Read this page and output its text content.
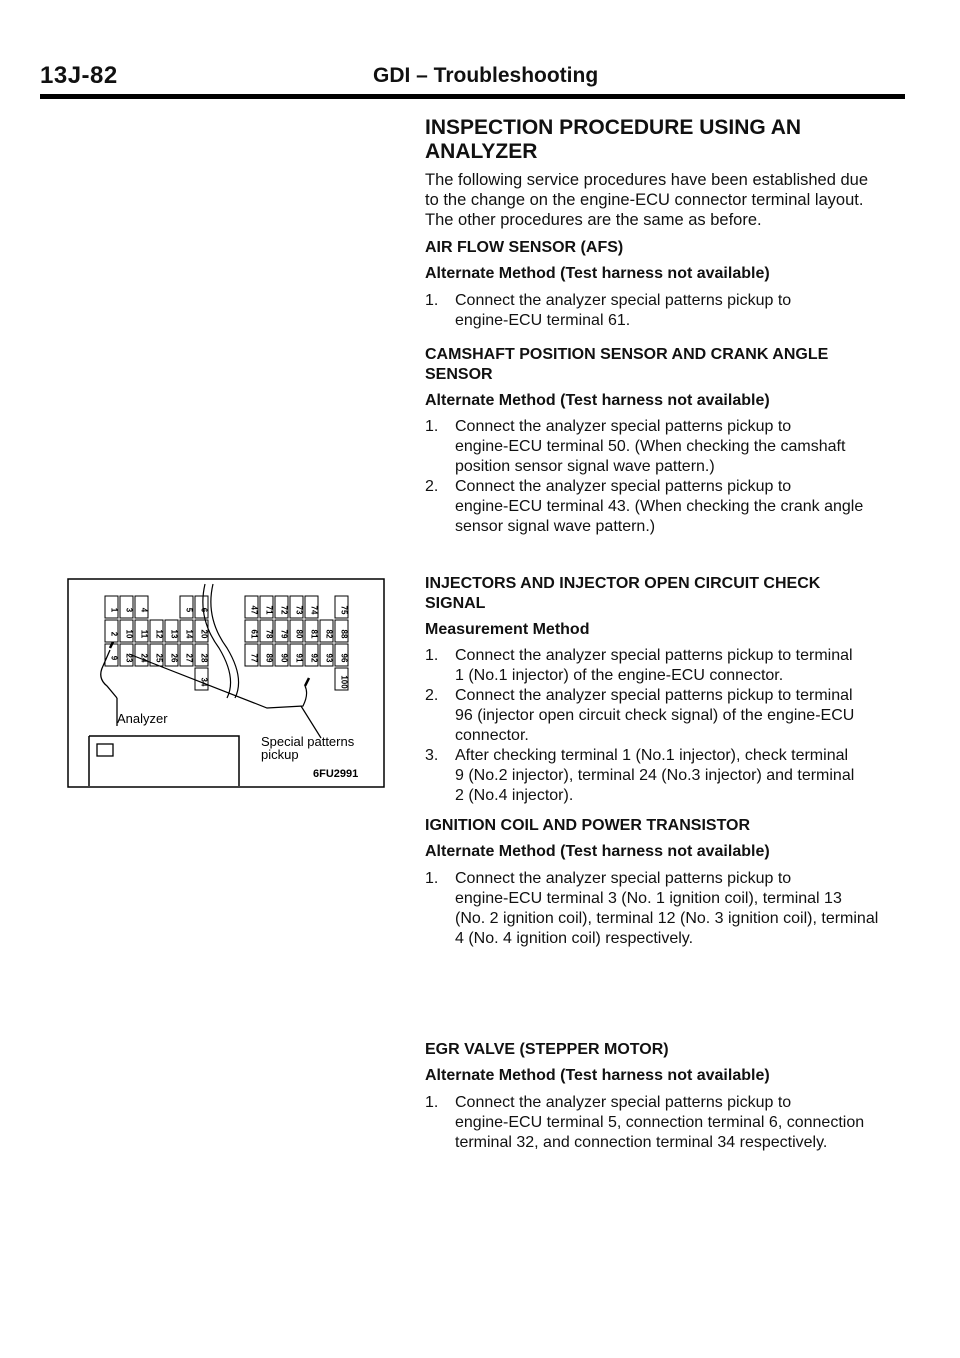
13J-82	GDI – Troubleshooting
INSPECTION PROCEDURE USING AN ANALYZER
The following service procedures have been established due
to the change on the engine-ECU connector terminal layout.
The other procedures are the same as before.
AIR FLOW SENSOR (AFS)
Alternate Method (Test harness not available)
1. Connect the analyzer special patterns pickup to
engine-ECU terminal 61.
CAMSHAFT POSITION SENSOR AND CRANK ANGLE
SENSOR
Alternate Method (Test harness not available)
1. Connect the analyzer special patterns pickup to
engine-ECU terminal 50. (When checking the camshaft
position sensor signal wave pattern.)
2. Connect the analyzer special patterns pickup to
engine-ECU terminal 43. (When checking the crank angle
sensor signal wave pattern.)
INJECTORS AND INJECTOR OPEN CIRCUIT CHECK
SIGNAL
Measurement Method
1. Connect the analyzer special patterns pickup to terminal
1 (No.1 injector) of the engine-ECU connector.
2. Connect the analyzer special patterns pickup to terminal
96 (injector open circuit check signal) of the engine-ECU
connector.
3. After checking terminal 1 (No.1 injector), check terminal
9 (No.2 injector), terminal 24 (No.3 injector) and terminal
2 (No.4 injector).
IGNITION COIL AND POWER TRANSISTOR
Alternate Method (Test harness not available)
1. Connect the analyzer special patterns pickup to
engine-ECU terminal 3 (No. 1 ignition coil), terminal 13
(No. 2 ignition coil), terminal 12 (No. 3 ignition coil), terminal
4 (No. 4 ignition coil) respectively.
EGR VALVE (STEPPER MOTOR)
Alternate Method (Test harness not available)
1. Connect the analyzer special patterns pickup to
engine-ECU terminal 5, connection terminal 6, connection
terminal 32, and connection terminal 34 respectively.
1 3 4	5 6
2 10 11 12 13 14 20
9 23 24 25 26 27 28
34
47 71 72 73 74	75
61 78 79 80 81 82 88
77 89 90 91 92 93 96
100
Analyzer
Special patterns
pickup
6FU2991
